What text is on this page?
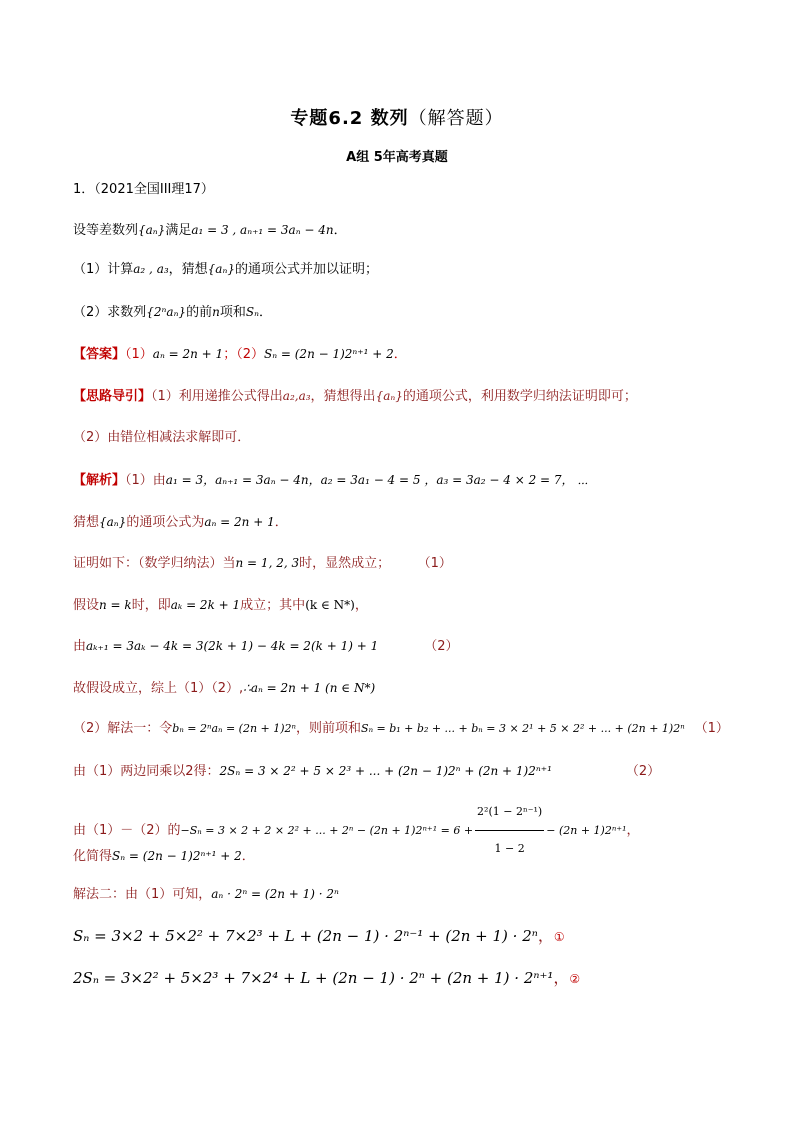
专题6.2 数列（解答题）
A组 5年高考真题
1．（2021全国III理17）
设等差数列{aₙ}满足a₁ = 3 , aₙ₊₁ = 3aₙ − 4n．
（1）计算a₂ , a₃，猜想{aₙ}的通项公式并加以证明；
（2）求数列{2ⁿaₙ}的前n项和Sₙ．
【答案】（1）aₙ = 2n + 1；（2）Sₙ = (2n − 1)2ⁿ⁺¹ + 2．
【思路导引】（1）利用递推公式得出a₂,a₃，猜想得出{aₙ}的通项公式，利用数学归纳法证明即可；
（2）由错位相减法求解即可．
【解析】（1）由a₁ = 3，aₙ₊₁ = 3aₙ − 4n，a₂ = 3a₁ − 4 = 5 ，a₃ = 3a₂ − 4 × 2 = 7， ⋯
猜想{aₙ}的通项公式为aₙ = 2n + 1．
证明如下：（数学归纳法）当n = 1, 2, 3时，显然成立；	（1）
假设n = k时，即aₖ = 2k + 1成立；其中(k ∈ N*)，
由aₖ₊₁ = 3aₖ − 4k = 3(2k + 1) − 4k = 2(k + 1) + 1	（2）
故假设成立，综上（1）（2）,∴aₙ = 2n + 1 (n ∈ N*)
（2）解法一：令bₙ = 2ⁿaₙ = (2n + 1)2ⁿ，则前项和Sₙ = b₁ + b₂ + ... + bₙ = 3 × 2¹ + 5 × 2² + ... + (2n + 1)2ⁿ （1）
由（1）两边同乘以2得：2Sₙ = 3 × 2² + 5 × 2³ + ... + (2n − 1)2ⁿ + (2n + 1)2ⁿ⁺¹	（2）
由（1）－（2）的−Sₙ = 3 × 2 + 2 × 2² + ... + $2^n - (2n + 1)2^{n+1} = 6 + \frac{\text{2²(1 − 2ⁿ⁻¹)}}{1 - 2} - (2n + 1)2^{n+1}$，
化简得Sₙ = (2n − 1)2ⁿ⁺¹ + 2．
解法二：由（1）可知，aₙ · 2ⁿ = (2n + 1) · 2ⁿ
Sₙ = 3×2 + 5×2² + 7×2³ + L + (2n − 1) · 2ⁿ⁻¹ + (2n + 1) · 2ⁿ，①
2Sₙ = 3×2² + 5×2³ + 7×2⁴ + L + (2n − 1) · 2ⁿ + (2n + 1) · 2ⁿ⁺¹，②
